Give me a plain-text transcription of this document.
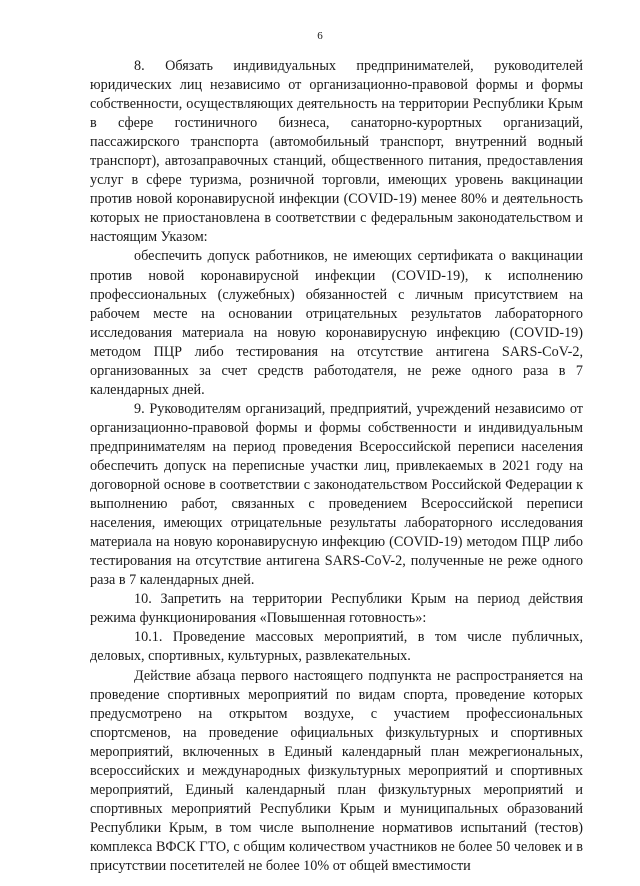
6

8. Обязать индивидуальных предпринимателей, руководителей юридических лиц независимо от организационно-правовой формы и формы собственности, осуществляющих деятельность на территории Республики Крым в сфере гостиничного бизнеса, санаторно-курортных организаций, пассажирского транспорта (автомобильный транспорт, внутренний водный транспорт), автозаправочных станций, общественного питания, предоставления услуг в сфере туризма, розничной торговли, имеющих уровень вакцинации против новой коронавирусной инфекции (COVID-19) менее 80% и деятельность которых не приостановлена в соответствии с федеральным законодательством и настоящим Указом:

обеспечить допуск работников, не имеющих сертификата о вакцинации против новой коронавирусной инфекции (COVID-19), к исполнению профессиональных (служебных) обязанностей с личным присутствием на рабочем месте на основании отрицательных результатов лабораторного исследования материала на новую коронавирусную инфекцию (COVID-19) методом ПЦР либо тестирования на отсутствие антигена SARS-CoV-2, организованных за счет средств работодателя, не реже одного раза в 7 календарных дней.

9. Руководителям организаций, предприятий, учреждений независимо от организационно-правовой формы и формы собственности и индивидуальным предпринимателям на период проведения Всероссийской переписи населения обеспечить допуск на переписные участки лиц, привлекаемых в 2021 году на договорной основе в соответствии с законодательством Российской Федерации к выполнению работ, связанных с проведением Всероссийской переписи населения, имеющих отрицательные результаты лабораторного исследования материала на новую коронавирусную инфекцию (COVID-19) методом ПЦР либо тестирования на отсутствие антигена SARS-CoV-2, полученные не реже одного раза в 7 календарных дней.

10. Запретить на территории Республики Крым на период действия режима функционирования «Повышенная готовность»:

10.1. Проведение массовых мероприятий, в том числе публичных, деловых, спортивных, культурных, развлекательных.

Действие абзаца первого настоящего подпункта не распространяется на проведение спортивных мероприятий по видам спорта, проведение которых предусмотрено на открытом воздухе, с участием профессиональных спортсменов, на проведение официальных физкультурных и спортивных мероприятий, включенных в Единый календарный план межрегиональных, всероссийских и международных физкультурных мероприятий и спортивных мероприятий, Единый календарный план физкультурных мероприятий и спортивных мероприятий Республики Крым и муниципальных образований Республики Крым, в том числе выполнение нормативов испытаний (тестов) комплекса ВФСК ГТО, с общим количеством участников не более 50 человек и в присутствии посетителей не более 10% от общей вместимости
